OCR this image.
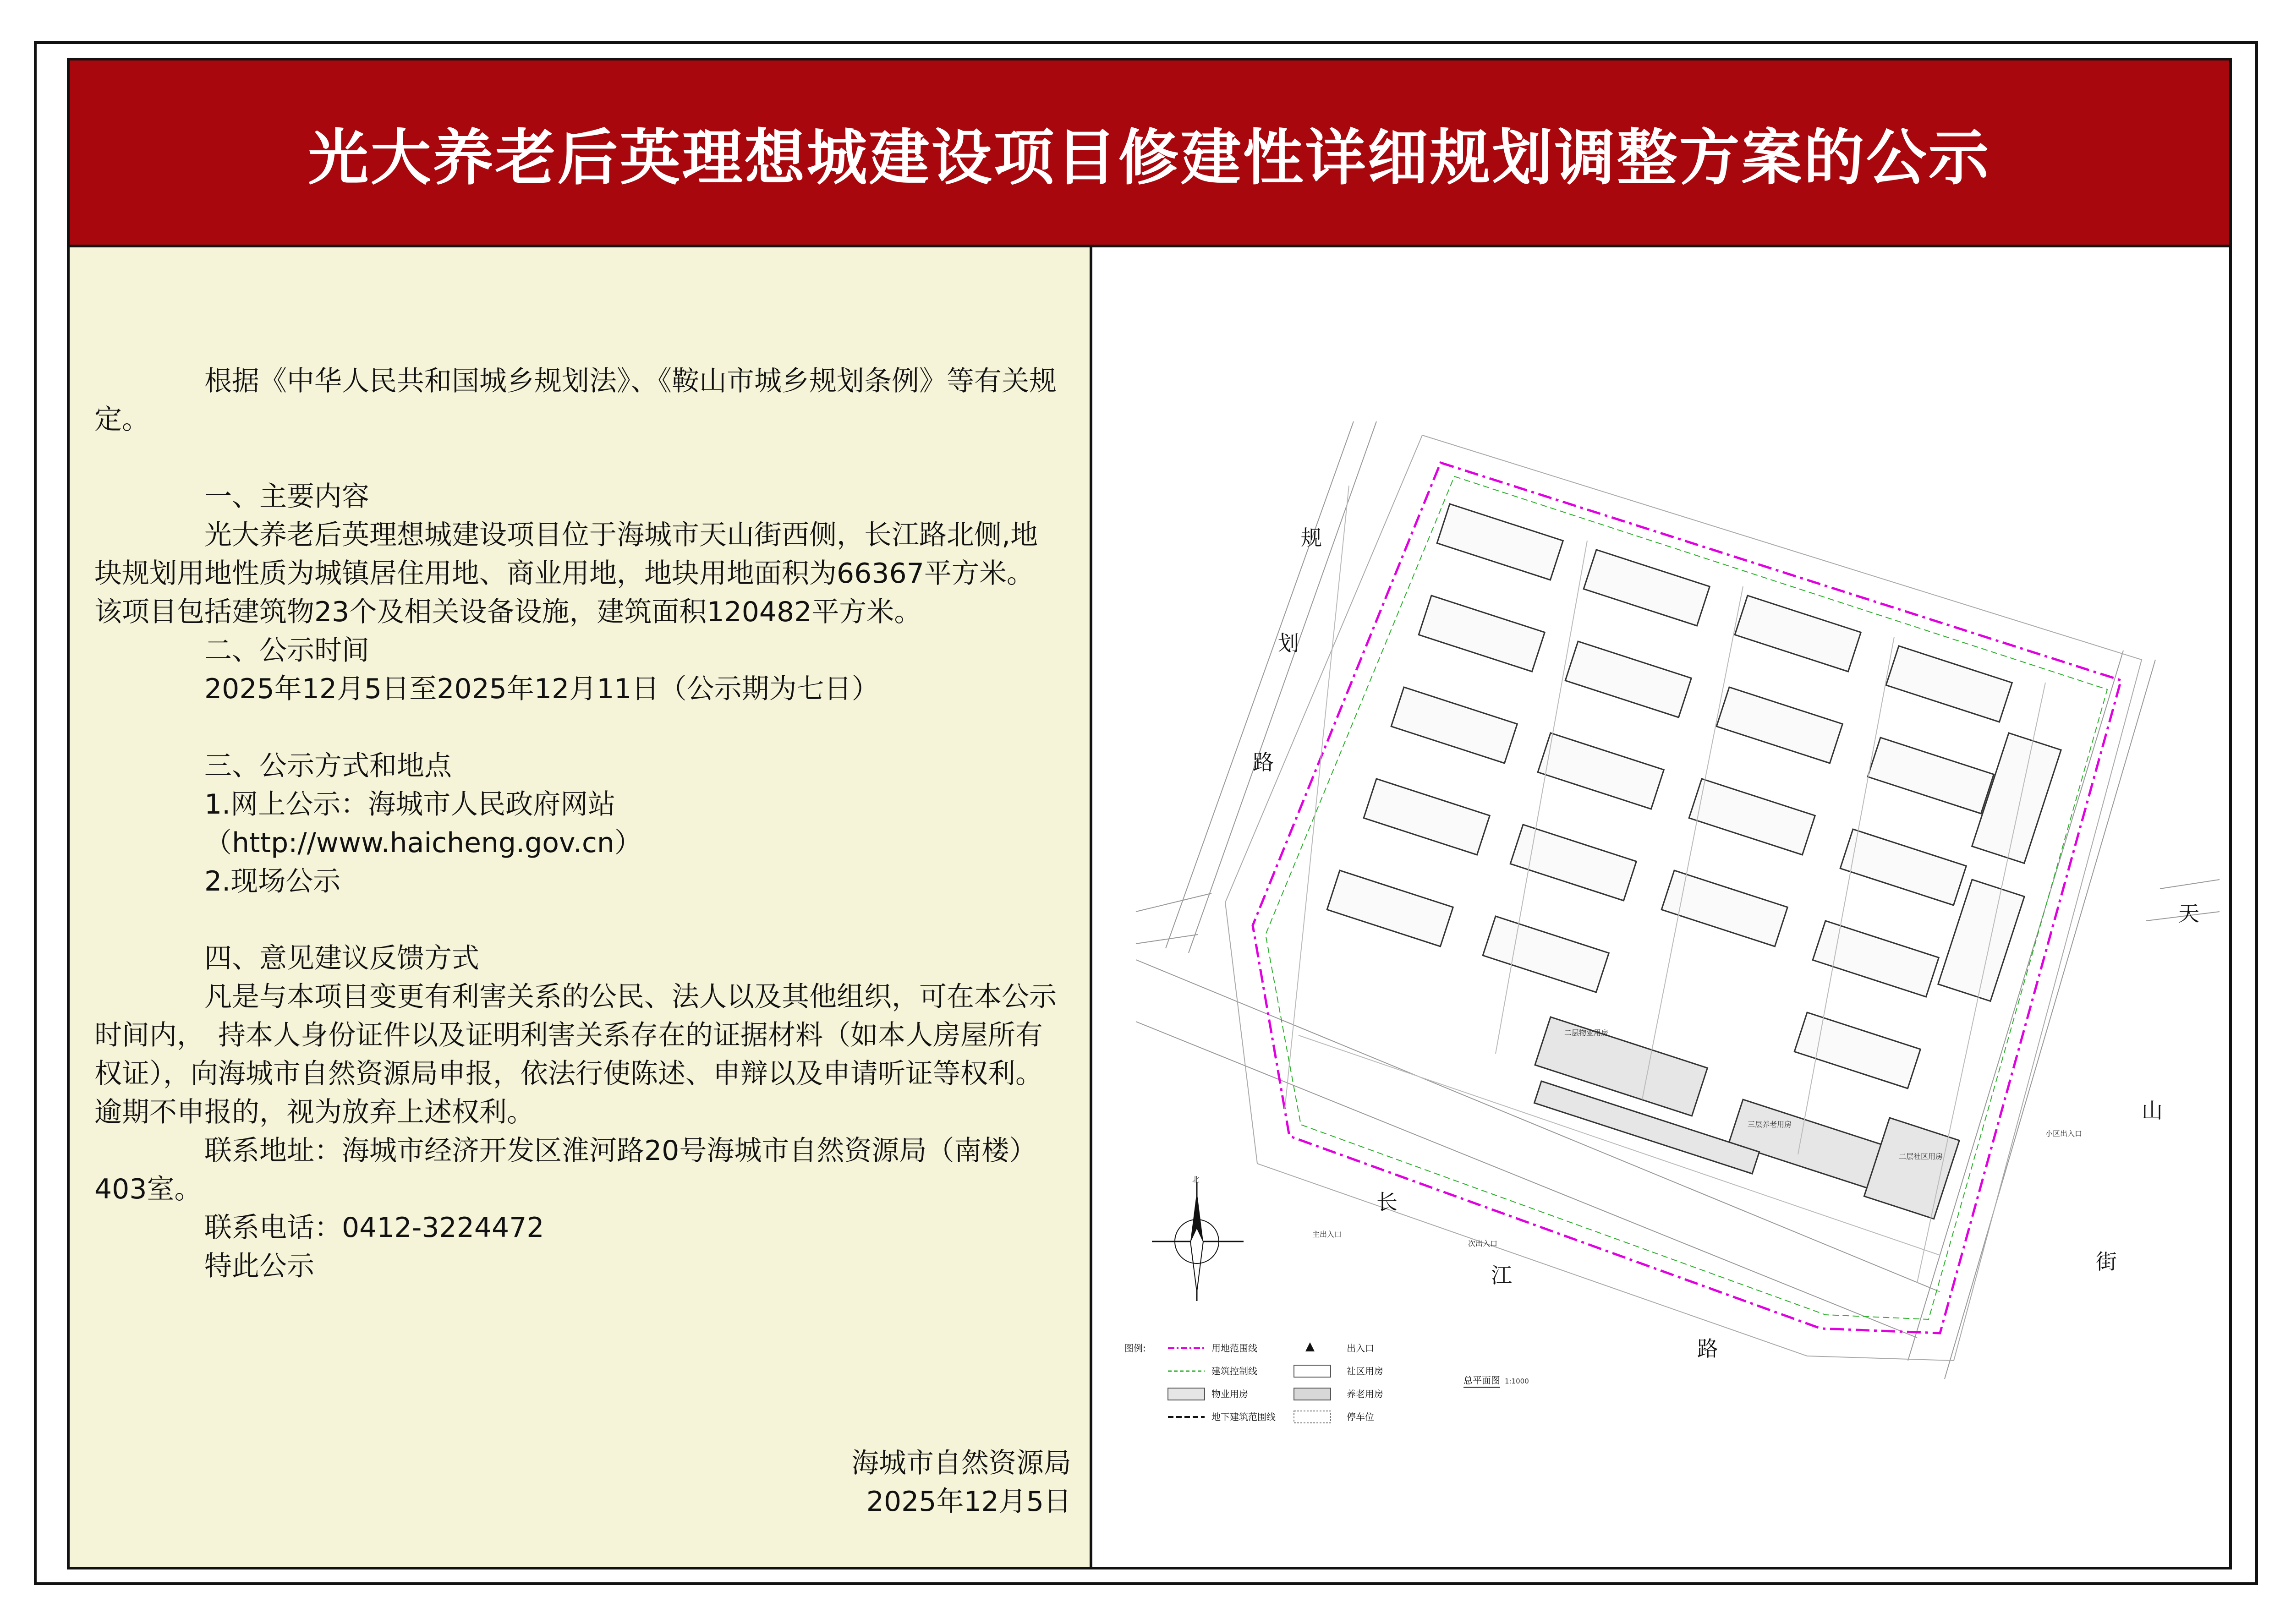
光大养老后英理想城建设项目修建性详细规划调整方案的公示

根据《中华人民共和国城乡规划法》、《鞍山市城乡规划条例》等有关规定。

一、主要内容

光大养老后英理想城建设项目位于海城市天山街西侧，长江路北侧,地块规划用地性质为城镇居住用地、商业用地，地块用地面积为66367平方米。该项目包括建筑物23个及相关设备设施，建筑面积120482平方米。

二、公示时间

2025年12月5日至2025年12月11日（公示期为七日）

三、公示方式和地点

1.网上公示：海城市人民政府网站

（http://www.haicheng.gov.cn）

2.现场公示

四、意见建议反馈方式

凡是与本项目变更有利害关系的公民、法人以及其他组织，可在本公示时间内，　持本人身份证件以及证明利害关系存在的证据材料（如本人房屋所有权证），向海城市自然资源局申报，依法行使陈述、申辩以及申请听证等权利。逾期不申报的，视为放弃上述权利。

联系地址：海城市经济开发区淮河路20号海城市自然资源局（南楼）403室。

联系电话：0412-3224472

特此公示

海城市自然资源局
2025年12月5日
规
划
路
长
江
路
天
山
街
主出入口
次出入口
小区出入口
二层物业用房
三层养老用房
二层社区用房
北
图例:	用地范围线
建筑控制线
物业用房
地下建筑范围线
出入口
社区用房
养老用房
停车位
总平面图 1:1000
